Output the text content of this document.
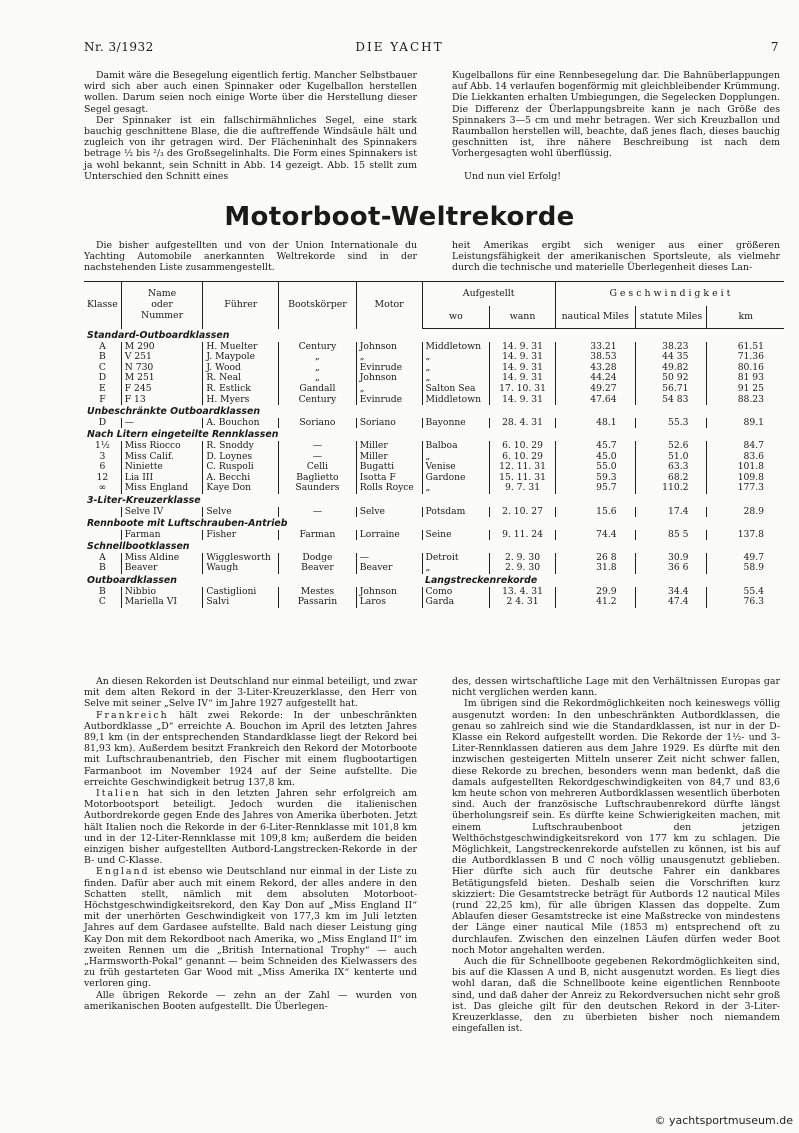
Nr. 3/1932	DIE YACHT	7

Damit wäre die Besegelung eigentlich fertig. Mancher Selbstbauer wird sich aber auch einen Spinnaker oder Kugelballon herstellen wollen. Darum seien noch einige Worte über die Herstellung dieser Segel gesagt.

Der Spinnaker ist ein fallschirmähnliches Segel, eine stark bauchig geschnittene Blase, die die auftreffende Windsäule hält und zugleich von ihr getragen wird. Der Flächeninhalt des Spinnakers betrage ½ bis ²/₃ des Großsegelinhalts. Die Form eines Spinnakers ist ja wohl bekannt, sein Schnitt in Abb. 14 gezeigt. Abb. 15 stellt zum Unterschied den Schnitt eines

Kugelballons für eine Rennbesegelung dar. Die Bahnüberlappungen auf Abb. 14 verlaufen bogenförmig mit gleichbleibender Krümmung. Die Liekkanten erhalten Umbiegungen, die Segelecken Dopplungen. Die Differenz der Überlappungsbreite kann je nach Größe des Spinnakers 3—5 cm und mehr betragen. Wer sich Kreuzballon und Raumballon herstellen will, beachte, daß jenes flach, dieses bauchig geschnitten ist, ihre nähere Beschreibung ist nach dem Vorhergesagten wohl überflüssig.

Und nun viel Erfolg!

Motorboot-Weltrekorde

Die bisher aufgestellten und von der Union Internationale du Yachting Automobile anerkannten Weltrekorde sind in der nachstehenden Liste zusammengestellt.

heit Amerikas ergibt sich weniger aus einer größeren Leistungsfähigkeit der amerikanischen Sportsleute, als vielmehr durch die technische und materielle Überlegenheit dieses Lan-

Klasse	Name
oder
Nummer	Führer	Bootskörper	Motor	Aufgestellt		G e s c h w i n d i g k e i t		
					wo	wann	nautical Miles	statute Miles	km
Standard-Outboardklassen									
A	M 290	H. Muelter	Century	Johnson	Middletown	14. 9. 31	33.21	38.23	61.51
B	V 251	J. Maypole	„	„	„	14. 9. 31	38.53	44 35	71.36
C	N 730	J. Wood	„	Evinrude	„	14. 9. 31	43.28	49.82	80.16
D	M 251	R. Neal	„	Johnson	„	14. 9. 31	44.24	50 92	81 93
E	F 245	R. Estlick	Gandall	„	Salton Sea	17. 10. 31	49.27	56.71	91 25
F	F 13	H. Myers	Century	Evinrude	Middletown	14. 9. 31	47.64	54 83	88.23
Unbeschränkte Outboardklassen									
D	—	A. Bouchon	Soriano	Soriano	Bayonne	28. 4. 31	48.1	55.3	89.1
Nach Litern eingeteilte Rennklassen									
1½	Miss Riocco	R. Snoddy	—	Miller	Balboa	6. 10. 29	45.7	52.6	84.7
3	Miss Calif.	D. Loynes	—	Miller	„	6. 10. 29	45.0	51.0	83.6
6	Niniette	C. Ruspoli	Celli	Bugatti	Venise	12. 11. 31	55.0	63.3	101.8
12	Lia III	A. Becchi	Baglietto	Isotta F	Gardone	15. 11. 31	59.3	68.2	109.8
∞	Miss England	Kaye Don	Saunders	Rolls Royce	„	9. 7. 31	95.7	110.2	177.3
3-Liter-Kreuzerklasse									
	Selve IV	Selve	—	Selve	Potsdam	2. 10. 27	15.6	17.4	28.9
Rennboote mit Luftschrauben-Antrieb									
	Farman	Fisher	Farman	Lorraine	Seine	9. 11. 24	74.4	85 5	137.8
Schnellbootklassen									
A	Miss Aldine	Wigglesworth	Dodge	—	Detroit	2. 9. 30	26 8	30.9	49.7
B	Beaver	Waugh	Beaver	Beaver	„	2. 9. 30	31.8	36 6	58.9
Outboardklassen					Langstreckenrekorde				
B	Nibbio	Castiglioni	Mestes	Johnson	Como	13. 4. 31	29.9	34.4	55.4
C	Mariella VI	Salvi	Passarin	Laros	Garda	2 4. 31	41.2	47.4	76.3

An diesen Rekorden ist Deutschland nur einmal beteiligt, und zwar mit dem alten Rekord in der 3-Liter-Kreuzerklasse, den Herr von Selve mit seiner „Selve IV“ im Jahre 1927 aufgestellt hat.

Frankreich hält zwei Rekorde: In der unbeschränkten Autbordklasse „D“ erreichte A. Bouchon im April des letzten Jahres 89,1 km (in der entsprechenden Standardklasse liegt der Rekord bei 81,93 km). Außerdem besitzt Frankreich den Rekord der Motorboote mit Luftschraubenantrieb, den Fischer mit einem flugbootartigen Farmanboot im November 1924 auf der Seine aufstellte. Die erreichte Geschwindigkeit betrug 137,8 km.

Italien hat sich in den letzten Jahren sehr erfolgreich am Motorbootsport beteiligt. Jedoch wurden die italienischen Autbordrekorde gegen Ende des Jahres von Amerika überboten. Jetzt hält Italien noch die Rekorde in der 6-Liter-Rennklasse mit 101,8 km und in der 12-Liter-Rennklasse mit 109,8 km; außerdem die beiden einzigen bisher aufgestellten Autbord-Langstrecken-Rekorde in der B- und C-Klasse.

England ist ebenso wie Deutschland nur einmal in der Liste zu finden. Dafür aber auch mit einem Rekord, der alles andere in den Schatten stellt, nämlich mit dem absoluten Motorboot-Höchstgeschwindigkeitsrekord, den Kay Don auf „Miss England II“ mit der unerhörten Geschwindigkeit von 177,3 km im Juli letzten Jahres auf dem Gardasee aufstellte. Bald nach dieser Leistung ging Kay Don mit dem Rekordboot nach Amerika, wo „Miss England II“ im zweiten Rennen um die „British International Trophy“ — auch „Harmsworth-Pokal“ genannt — beim Schneiden des Kielwassers des zu früh gestarteten Gar Wood mit „Miss Amerika IX“ kenterte und verloren ging.

Alle übrigen Rekorde — zehn an der Zahl — wurden von amerikanischen Booten aufgestellt. Die Überlegen-

des, dessen wirtschaftliche Lage mit den Verhältnissen Europas gar nicht verglichen werden kann.

Im übrigen sind die Rekordmöglichkeiten noch keineswegs völlig ausgenutzt worden: In den unbeschränkten Autbordklassen, die genau so zahlreich sind wie die Standardklassen, ist nur in der D-Klasse ein Rekord aufgestellt worden. Die Rekorde der 1½- und 3-Liter-Rennklassen datieren aus dem Jahre 1929. Es dürfte mit den inzwischen gesteigerten Mitteln unserer Zeit nicht schwer fallen, diese Rekorde zu brechen, besonders wenn man bedenkt, daß die damals aufgestellten Rekordgeschwindigkeiten von 84,7 und 83,6 km heute schon von mehreren Autbordklassen wesentlich überboten sind. Auch der französische Luftschraubenrekord dürfte längst überholungsreif sein. Es dürfte keine Schwierigkeiten machen, mit einem Luftschraubenboot den jetzigen Welthöchstgeschwindigkeitsrekord von 177 km zu schlagen. Die Möglichkeit, Langstreckenrekorde aufstellen zu können, ist bis auf die Autbordklassen B und C noch völlig unausgenutzt geblieben. Hier dürfte sich auch für deutsche Fahrer ein dankbares Betätigungsfeld bieten. Deshalb seien die Vorschriften kurz skizziert: Die Gesamtstrecke beträgt für Autbords 12 nautical Miles (rund 22,25 km), für alle übrigen Klassen das doppelte. Zum Ablaufen dieser Gesamtstrecke ist eine Maßstrecke von mindestens der Länge einer nautical Mile (1853 m) entsprechend oft zu durchlaufen. Zwischen den einzelnen Läufen dürfen weder Boot noch Motor angehalten werden.

Auch die für Schnellboote gegebenen Rekordmöglichkeiten sind, bis auf die Klassen A und B, nicht ausgenutzt worden. Es liegt dies wohl daran, daß die Schnellboote keine eigentlichen Rennboote sind, und daß daher der Anreiz zu Rekordversuchen nicht sehr groß ist. Das gleiche gilt für den deutschen Rekord in der 3-Liter-Kreuzerklasse, den zu überbieten bisher noch niemandem eingefallen ist.

© yachtsportmuseum.de
